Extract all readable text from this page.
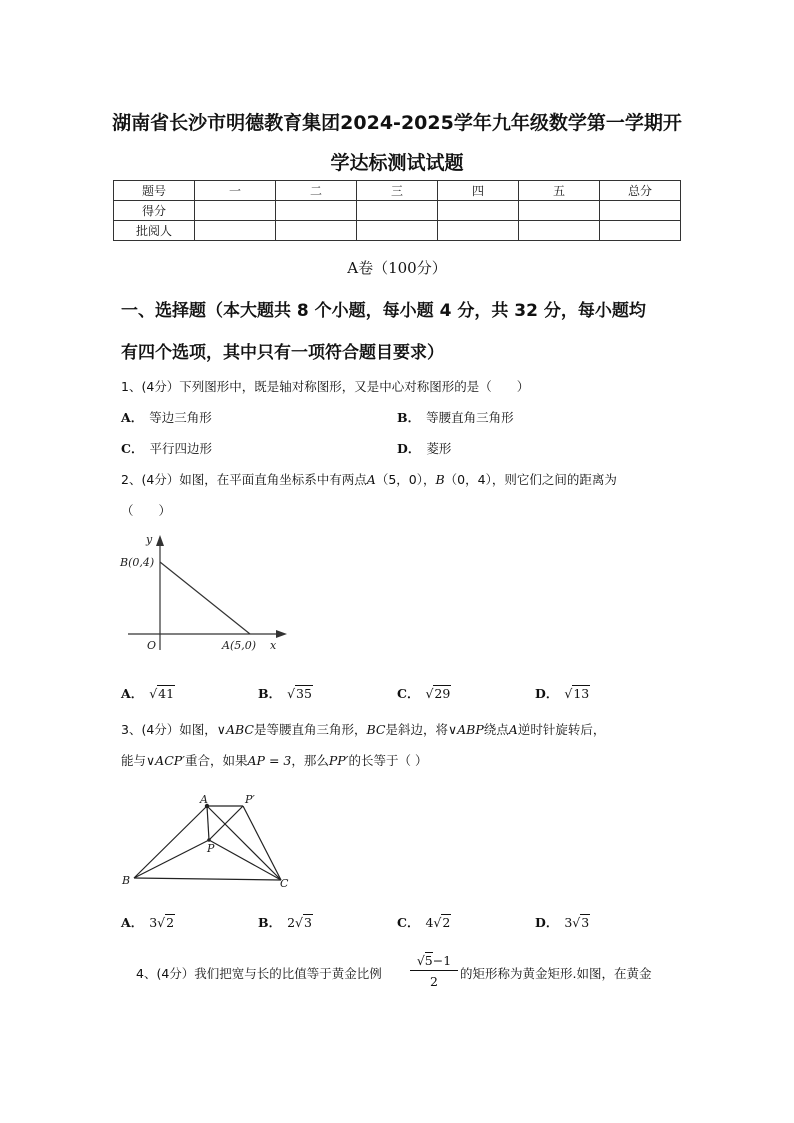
湖南省长沙市明德教育集团2024-2025学年九年级数学第一学期开
学达标测试试题
题号	一	二	三	四	五	总分
得分						
批阅人						
A卷（100分）
一、选择题（本大题共 8 个小题，每小题 4 分，共 32 分，每小题均
有四个选项，其中只有一项符合题目要求）
1、(4分）下列图形中，既是轴对称图形，又是中心对称图形的是（　　）
A． 等边三角形	B． 等腰直角三角形
C． 平行四边形	D． 菱形
2、(4分）如图，在平面直角坐标系中有两点A（5，0），B（0，4），则它们之间的距离为
（　　）
y
x
O
B(0,4)
A(5,0)
A． √41	B． √35	C． √29	D． √13
3、(4分）如图，∨ABC是等腰直角三角形，BC是斜边，将∨ABP绕点A逆时针旋转后，
能与∨ACP′重合，如果AP = 3，那么PP′的长等于（ ）
A	P′
P
B	C
A． 3√2	B． 2√3	C． 4√2	D． 3√3
4、(4分）我们把宽与长的比值等于黄金比例	$\frac{√5-1}{2}$ 的矩形称为黄金矩形.如图，在黄金
